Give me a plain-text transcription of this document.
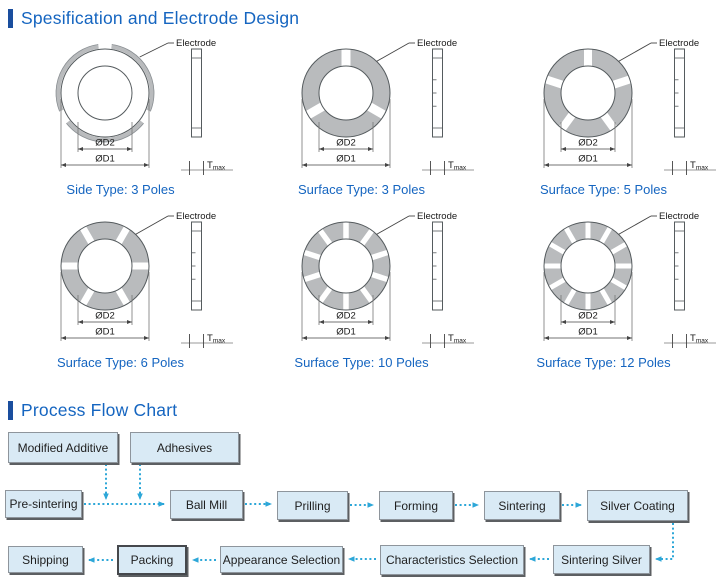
Spesification and Electrode Design
Electrode
ØD2
ØD1
Tmax
Side Type: 3 Poles
Electrode
ØD2
ØD1
Tmax
Surface Type: 3 Poles
Electrode
ØD2
ØD1
Tmax
Surface Type: 5 Poles
Electrode
ØD2
ØD1
Tmax
Surface Type: 6 Poles
Electrode
ØD2
ØD1
Tmax
Surface Type: 10 Poles
Electrode
ØD2
ØD1
Tmax
Surface Type: 12 Poles
Process Flow Chart
Modified Additive	Adhesives
Pre-sintering	Ball Mill	Prilling	Forming	Sintering	Silver Coating
Shipping	Packing	Appearance Selection	Characteristics Selection	Sintering Silver
